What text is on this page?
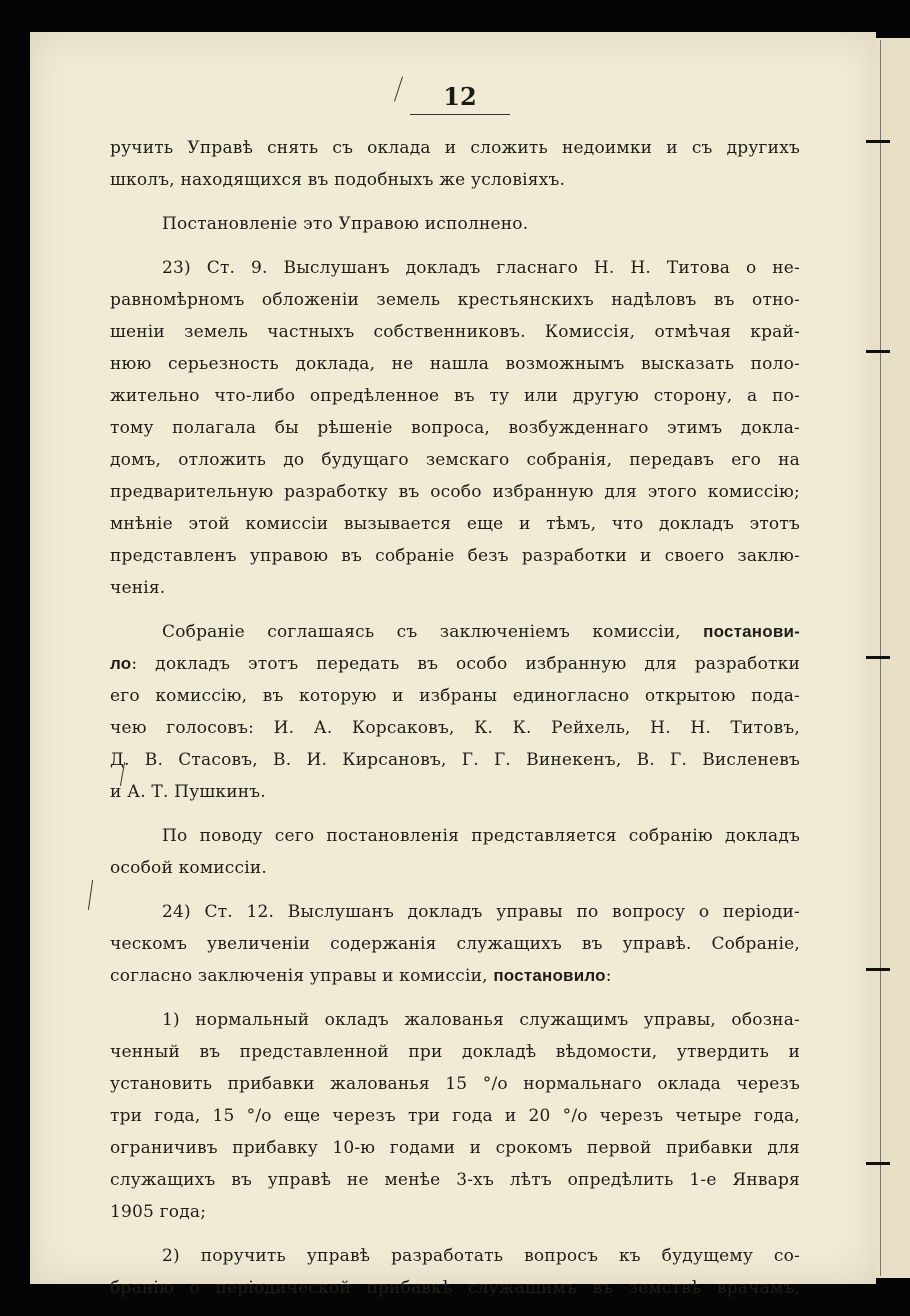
12
ручить Управѣ снять съ оклада и сложить недоимки и съ другихъ
школъ, находящихся въ подобныхъ же условіяхъ.
Постановленіе это Управою исполнено.
23) Ст. 9. Выслушанъ докладъ гласнаго Н. Н. Титова о не-
равномѣрномъ обложеніи земель крестьянскихъ надѣловъ въ отно-
шеніи земель частныхъ собственниковъ. Комиссія, отмѣчая край-
нюю серьезность доклада, не нашла возможнымъ высказать поло-
жительно что-либо опредѣленное въ ту или другую сторону, а по-
тому полагала бы рѣшеніе вопроса, возбужденнаго этимъ докла-
домъ, отложить до будущаго земскаго собранія, передавъ его на
предварительную разработку въ особо избранную для этого комиссію;
мнѣніе этой комиссіи вызывается еще и тѣмъ, что докладъ этотъ
представленъ управою въ собраніе безъ разработки и своего заклю-
ченія.
Собраніе соглашаясь съ заключеніемъ комиссіи, постанови-
ло: докладъ этотъ передать въ особо избранную для разработки
его комиссію, въ которую и избраны единогласно открытою пода-
чею голосовъ: И. А. Корсаковъ, К. К. Рейхель, Н. Н. Титовъ,
Д. В. Стасовъ, В. И. Кирсановъ, Г. Г. Винекенъ, В. Г. Висленевъ
и А. Т. Пушкинъ.
По поводу сего постановленія представляется собранію докладъ
особой комиссіи.
24) Ст. 12. Выслушанъ докладъ управы по вопросу о періоди-
ческомъ увеличеніи содержанія служащихъ въ управѣ. Собраніе,
согласно заключенія управы и комиссіи, постановило:
1) нормальный окладъ жалованья служащимъ управы, обозна-
ченный въ представленной при докладѣ вѣдомости, утвердить и
установить прибавки жалованья 15 °/о нормальнаго оклада черезъ
три года, 15 °/о еще черезъ три года и 20 °/о черезъ четыре года,
ограничивъ прибавку 10-ю годами и срокомъ первой прибавки для
служащихъ въ управѣ не менѣе 3-хъ лѣтъ опредѣлить 1-е Января
1905 года;
2) поручить управѣ разработать вопросъ къ будущему со-
бранію о періодической прибавкѣ служащимъ въ земствѣ врачамъ,
